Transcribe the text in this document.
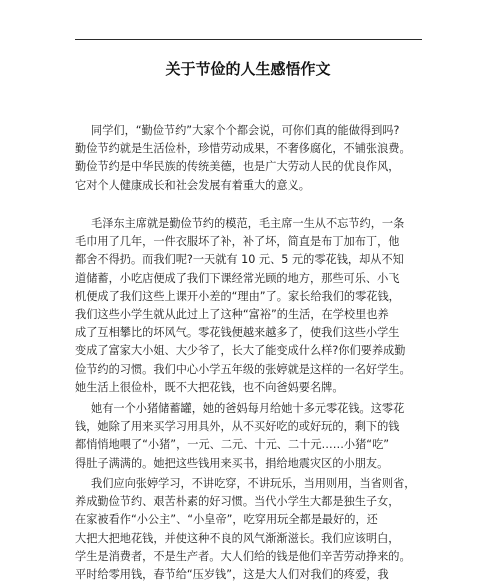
关于节俭的人生感悟作文
同学们，“勤俭节约”大家个个都会说，可你们真的能做得到吗?
勤俭节约就是生活俭朴，珍惜劳动成果，不奢侈腐化，不铺张浪费。
勤俭节约是中华民族的传统美德，也是广大劳动人民的优良作风，
它对个人健康成长和社会发展有着重大的意义。
毛泽东主席就是勤俭节约的模范，毛主席一生从不忘节约，一条
毛巾用了几年，一件衣服坏了补，补了坏，简直是布丁加布丁，他
都舍不得扔。而我们呢?一天就有 10 元、5 元的零花钱，却从不知
道储蓄，小吃店便成了我们下课经常光顾的地方，那些可乐、小飞
机便成了我们这些上课开小差的“理由”了。家长给我们的零花钱，
我们这些小学生就从此过上了这种“富裕”的生活，在学校里也养
成了互相攀比的坏风气。零花钱便越来越多了，使我们这些小学生
变成了富家大小姐、大少爷了，长大了能变成什么样?你们要养成勤
俭节约的习惯。我们中心小学五年级的张婷就是这样的一名好学生。
她生活上很俭朴，既不大把花钱，也不向爸妈要名牌。
她有一个小猪储蓄罐，她的爸妈每月给她十多元零花钱。这零花
钱，她除了用来买学习用具外，从不买好吃的或好玩的，剩下的钱
都悄悄地喂了“小猪”，一元、二元、十元、二十元……小猪“吃”
得肚子满满的。她把这些钱用来买书，捐给地震灾区的小朋友。
我们应向张婷学习，不讲吃穿，不讲玩乐，当用则用，当省则省，
养成勤俭节约、艰苦朴素的好习惯。当代小学生大都是独生子女，
在家被看作“小公主”、“小皇帝”，吃穿用玩全都是最好的，还
大把大把地花钱，并使这种不良的风气渐渐滋长。我们应该明白，
学生是消费者，不是生产者。大人们给的钱是他们辛苦劳动挣来的。
平时给零用钱，春节给“压岁钱”，这是大人们对我们的疼爱，我
